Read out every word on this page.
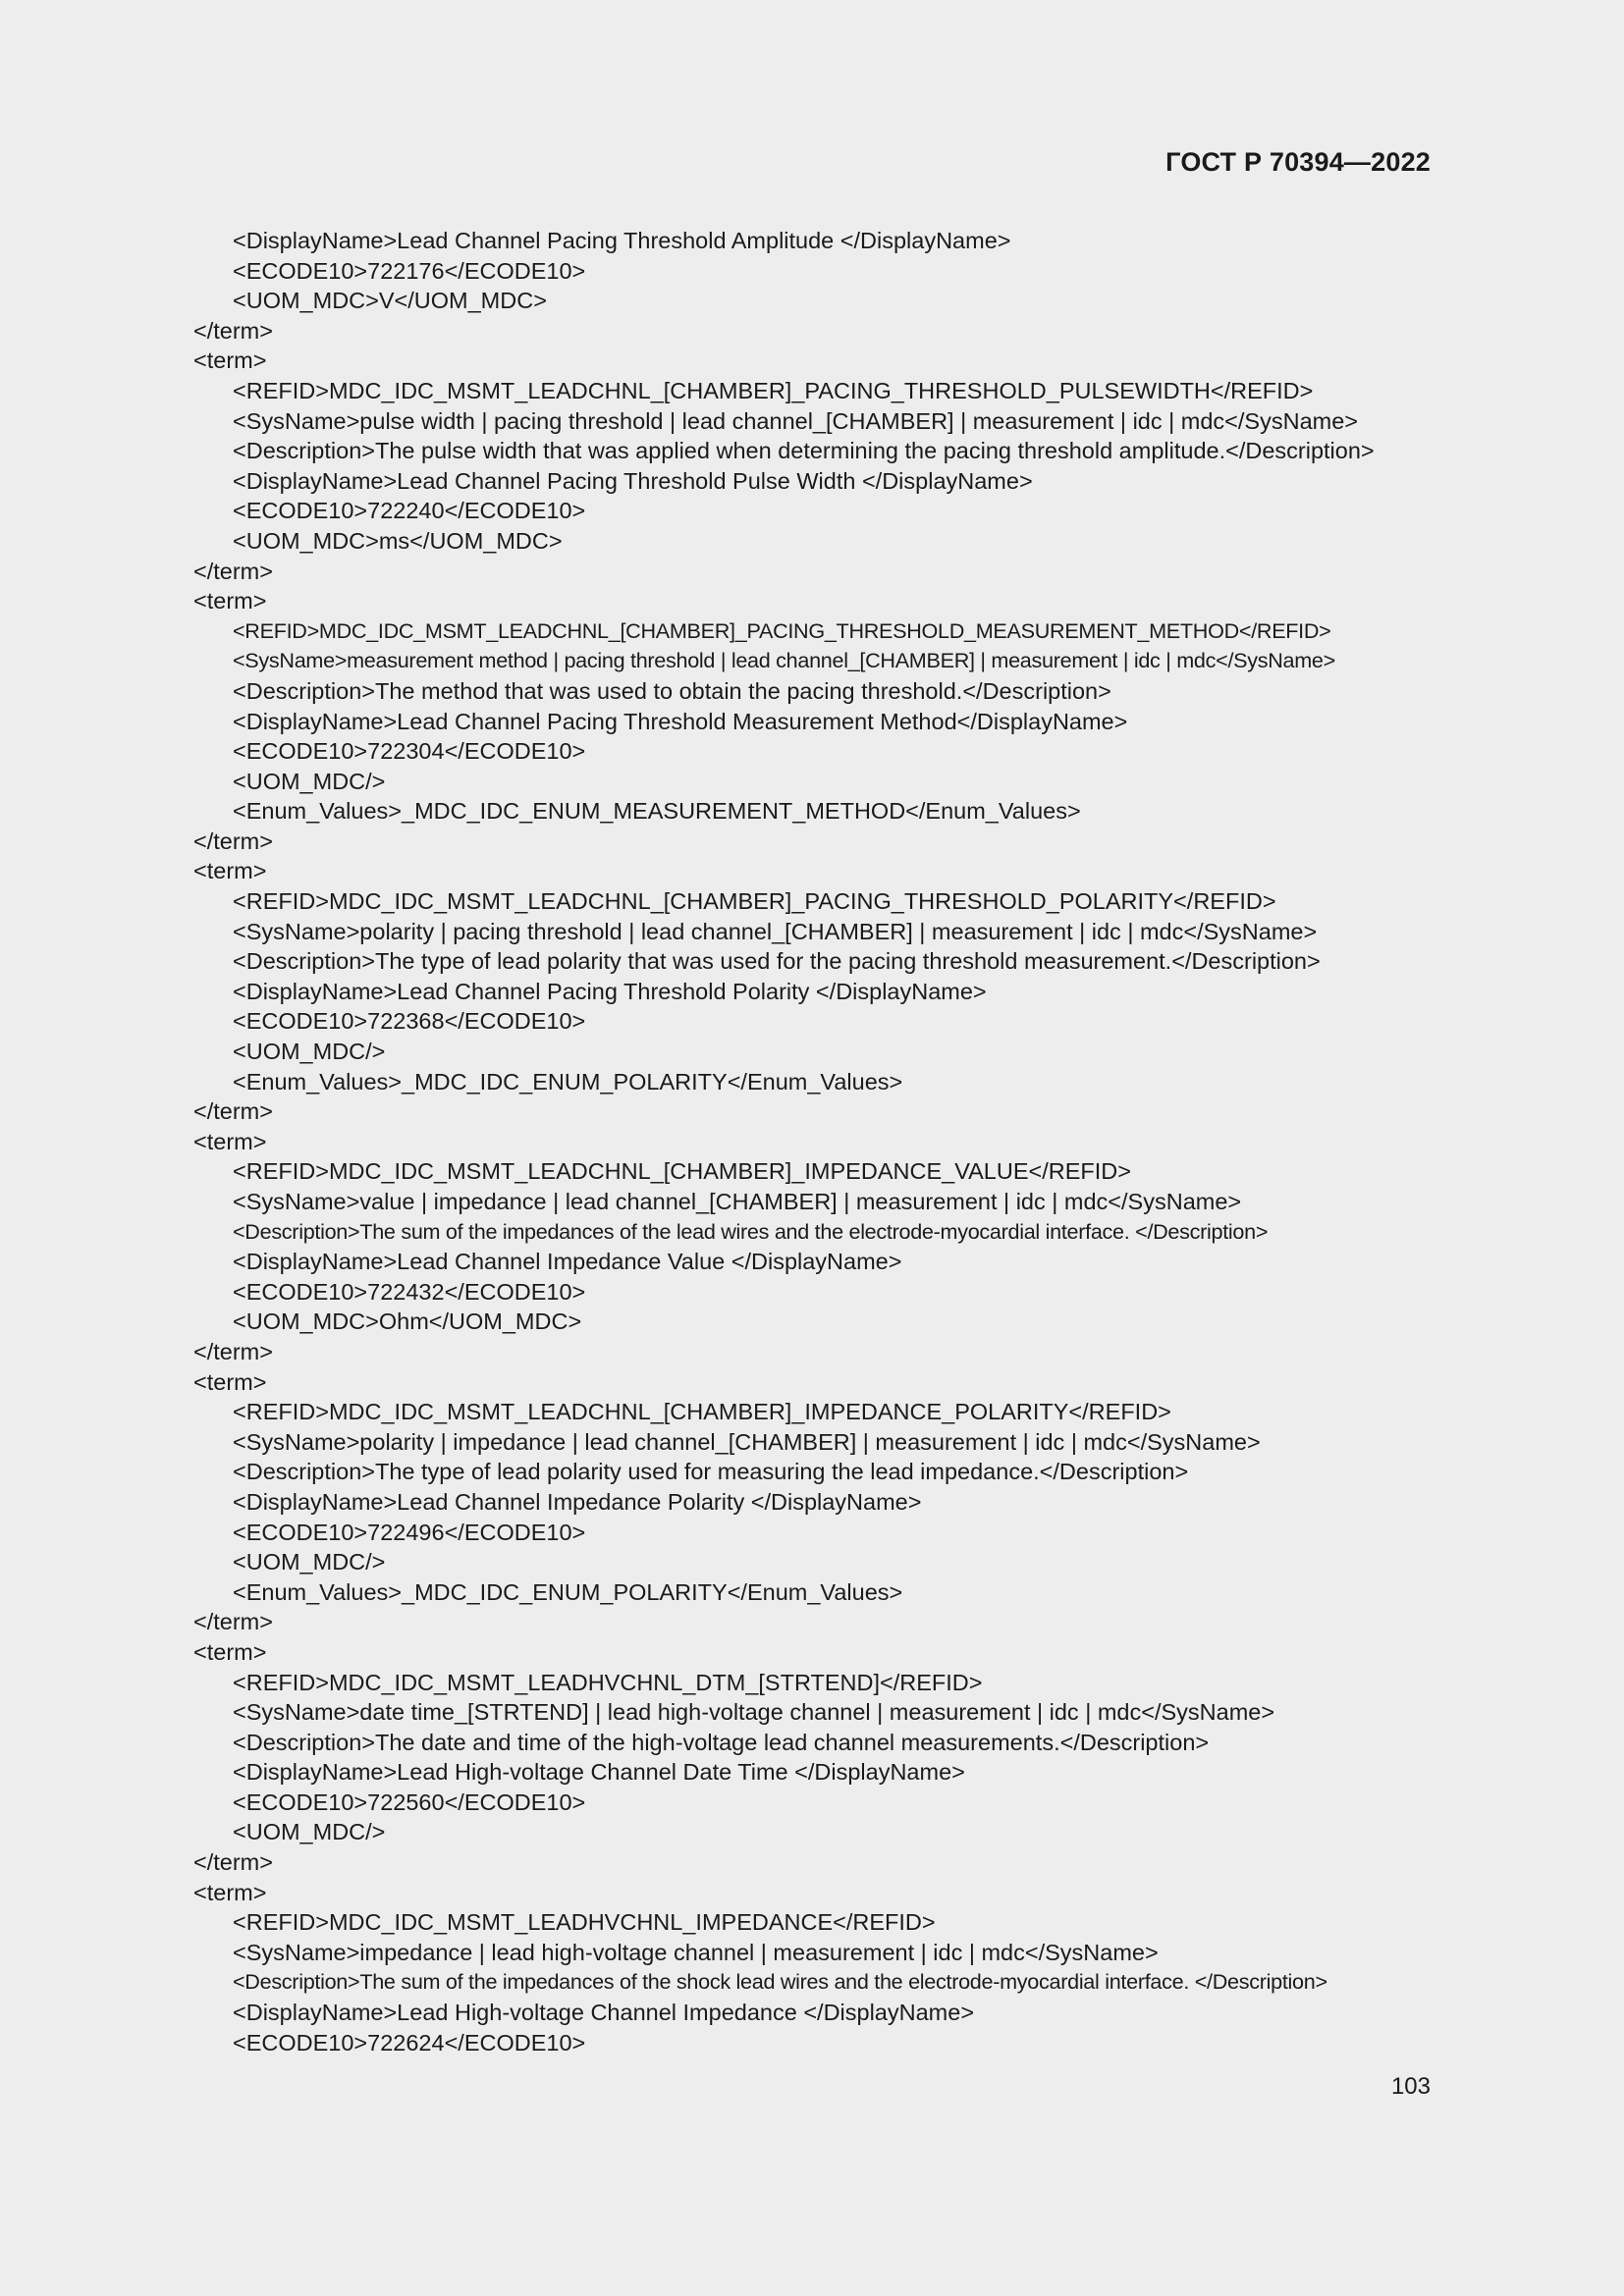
ГОСТ Р 70394—2022
<DisplayName>Lead Channel Pacing Threshold Amplitude </DisplayName>
<ECODE10>722176</ECODE10>
<UOM_MDC>V</UOM_MDC>
</term>
<term>
<REFID>MDC_IDC_MSMT_LEADCHNL_[CHAMBER]_PACING_THRESHOLD_PULSEWIDTH</REFID>
<SysName>pulse width | pacing threshold | lead channel_[CHAMBER] | measurement | idc | mdc</SysName>
<Description>The pulse width that was applied when determining the pacing threshold amplitude.</Description>
<DisplayName>Lead Channel Pacing Threshold Pulse Width </DisplayName>
<ECODE10>722240</ECODE10>
<UOM_MDC>ms</UOM_MDC>
</term>
<term>
<REFID>MDC_IDC_MSMT_LEADCHNL_[CHAMBER]_PACING_THRESHOLD_MEASUREMENT_METHOD</REFID>
<SysName>measurement method | pacing threshold | lead channel_[CHAMBER] | measurement | idc | mdc</SysName>
<Description>The method that was used to obtain the pacing threshold.</Description>
<DisplayName>Lead Channel Pacing Threshold Measurement Method</DisplayName>
<ECODE10>722304</ECODE10>
<UOM_MDC/>
<Enum_Values>_MDC_IDC_ENUM_MEASUREMENT_METHOD</Enum_Values>
</term>
<term>
<REFID>MDC_IDC_MSMT_LEADCHNL_[CHAMBER]_PACING_THRESHOLD_POLARITY</REFID>
<SysName>polarity | pacing threshold | lead channel_[CHAMBER] | measurement | idc | mdc</SysName>
<Description>The type of lead polarity that was used for the pacing threshold measurement.</Description>
<DisplayName>Lead Channel Pacing Threshold Polarity </DisplayName>
<ECODE10>722368</ECODE10>
<UOM_MDC/>
<Enum_Values>_MDC_IDC_ENUM_POLARITY</Enum_Values>
</term>
<term>
<REFID>MDC_IDC_MSMT_LEADCHNL_[CHAMBER]_IMPEDANCE_VALUE</REFID>
<SysName>value | impedance | lead channel_[CHAMBER] | measurement | idc | mdc</SysName>
<Description>The sum of the impedances of the lead wires and the electrode-myocardial interface. </Description>
<DisplayName>Lead Channel Impedance Value </DisplayName>
<ECODE10>722432</ECODE10>
<UOM_MDC>Ohm</UOM_MDC>
</term>
<term>
<REFID>MDC_IDC_MSMT_LEADCHNL_[CHAMBER]_IMPEDANCE_POLARITY</REFID>
<SysName>polarity | impedance | lead channel_[CHAMBER] | measurement | idc | mdc</SysName>
<Description>The type of lead polarity used for measuring the lead impedance.</Description>
<DisplayName>Lead Channel Impedance Polarity </DisplayName>
<ECODE10>722496</ECODE10>
<UOM_MDC/>
<Enum_Values>_MDC_IDC_ENUM_POLARITY</Enum_Values>
</term>
<term>
<REFID>MDC_IDC_MSMT_LEADHVCHNL_DTM_[STRTEND]</REFID>
<SysName>date time_[STRTEND] | lead high-voltage channel | measurement | idc | mdc</SysName>
<Description>The date and time of the high-voltage lead channel measurements.</Description>
<DisplayName>Lead High-voltage Channel Date Time </DisplayName>
<ECODE10>722560</ECODE10>
<UOM_MDC/>
</term>
<term>
<REFID>MDC_IDC_MSMT_LEADHVCHNL_IMPEDANCE</REFID>
<SysName>impedance | lead high-voltage channel | measurement | idc | mdc</SysName>
<Description>The sum of the impedances of the shock lead wires and the electrode-myocardial interface. </Description>
<DisplayName>Lead High-voltage Channel Impedance </DisplayName>
<ECODE10>722624</ECODE10>
103
